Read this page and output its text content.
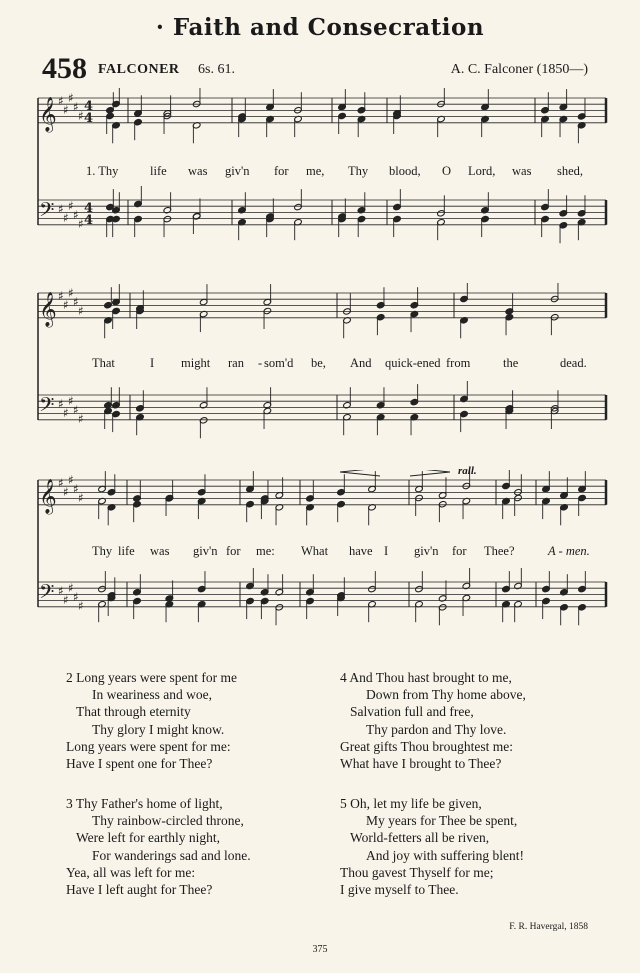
· Faith and Consecration
458 FALCONER 6s. 61.	A. C. Falconer (1850—)
𝄞
𝄢
♯
♯
♯
♯
♯
♯
♯
♯
♯
♯
4
4
4
4
𝄞
𝄢
♯
♯
♯
♯
♯
♯
♯
♯
♯
♯
𝄞
𝄢
♯
♯
♯
♯
♯
♯
♯
♯
♯
♯
1. Thy	life was giv'n for me, Thy blood, O Lord, was shed,
That	I might ran - som'd be, And quick-ened from	the	dead.
Thy life was giv'n for me: What have I giv'n for Thee?	A - men.
rall.
2 Long years were spent for me
In weariness and woe,
That through eternity
Thy glory I might know.
Long years were spent for me:
Have I spent one for Thee?
3 Thy Father's home of light,
Thy rainbow-circled throne,
Were left for earthly night,
For wanderings sad and lone.
Yea, all was left for me:
Have I left aught for Thee?
4 And Thou hast brought to me,
Down from Thy home above,
Salvation full and free,
Thy pardon and Thy love.
Great gifts Thou broughtest me:
What have I brought to Thee?
5 Oh, let my life be given,
My years for Thee be spent,
World-fetters all be riven,
And joy with suffering blent!
Thou gavest Thyself for me;
I give myself to Thee.
F. R. Havergal, 1858
375
